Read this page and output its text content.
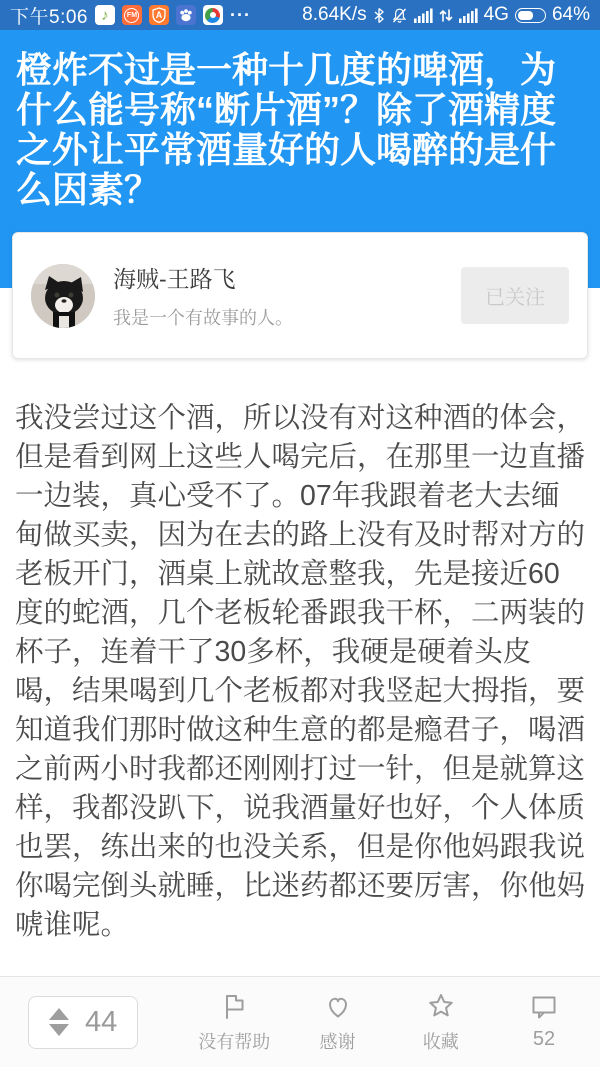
下午5:06 ♪	FM A	...	8.64K/s	4G 64%
橙炸不过是一种十几度的啤酒，为什么能号称“断片酒”？除了酒精度之外让平常酒量好的人喝醉的是什么因素？
海贼-王路飞
我是一个有故事的人。
已关注

我没尝过这个酒，所以没有对这种酒的体会，但是看到网上这些人喝完后，在那里一边直播一边装，真心受不了。07年我跟着老大去缅甸做买卖，因为在去的路上没有及时帮对方的老板开门，酒桌上就故意整我，先是接近60度的蛇酒，几个老板轮番跟我干杯，二两装的杯子，连着干了30多杯，我硬是硬着头皮喝，结果喝到几个老板都对我竖起大拇指，要知道我们那时做这种生意的都是瘾君子，喝酒之前两小时我都还刚刚打过一针，但是就算这样，我都没趴下，说我酒量好也好，个人体质也罢，练出来的也没关系，但是你他妈跟我说你喝完倒头就睡，比迷药都还要厉害，你他妈唬谁呢。

44
没有帮助	感谢	收藏	52
